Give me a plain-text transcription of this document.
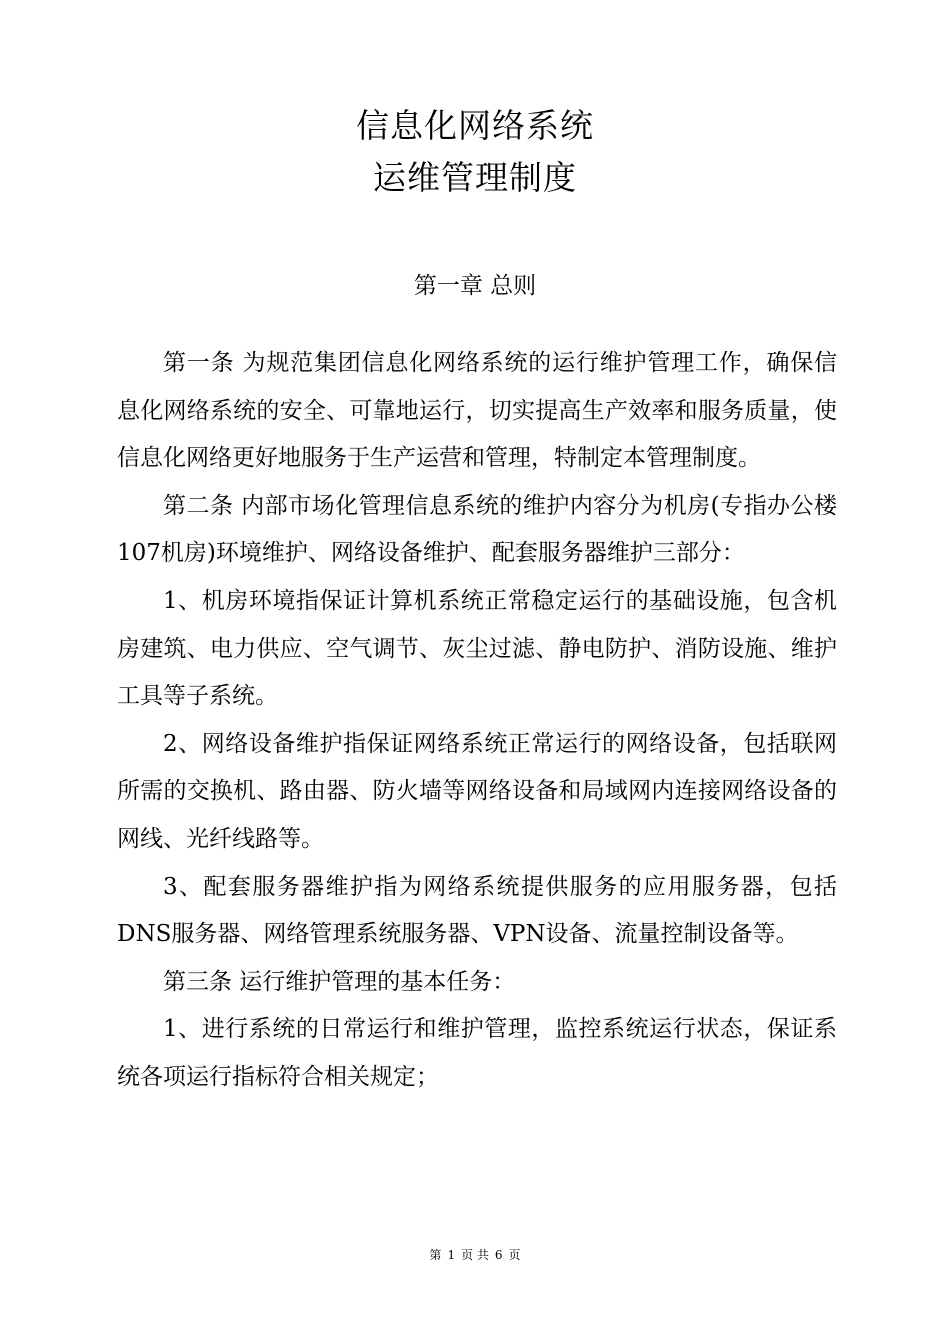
信息化网络系统
运维管理制度
第一章 总则

第一条 为规范集团信息化网络系统的运行维护管理工作，确保信息化网络系统的安全、可靠地运行，切实提高生产效率和服务质量，使信息化网络更好地服务于生产运营和管理，特制定本管理制度。

第二条 内部市场化管理信息系统的维护内容分为机房(专指办公楼107机房)环境维护、网络设备维护、配套服务器维护三部分：

1、机房环境指保证计算机系统正常稳定运行的基础设施，包含机房建筑、电力供应、空气调节、灰尘过滤、静电防护、消防设施、维护工具等子系统。

2、网络设备维护指保证网络系统正常运行的网络设备，包括联网所需的交换机、路由器、防火墙等网络设备和局域网内连接网络设备的网线、光纤线路等。

3、配套服务器维护指为网络系统提供服务的应用服务器，包括DNS服务器、网络管理系统服务器、VPN设备、流量控制设备等。

第三条 运行维护管理的基本任务：

1、进行系统的日常运行和维护管理，监控系统运行状态，保证系统各项运行指标符合相关规定；

第 1 页 共 6 页
